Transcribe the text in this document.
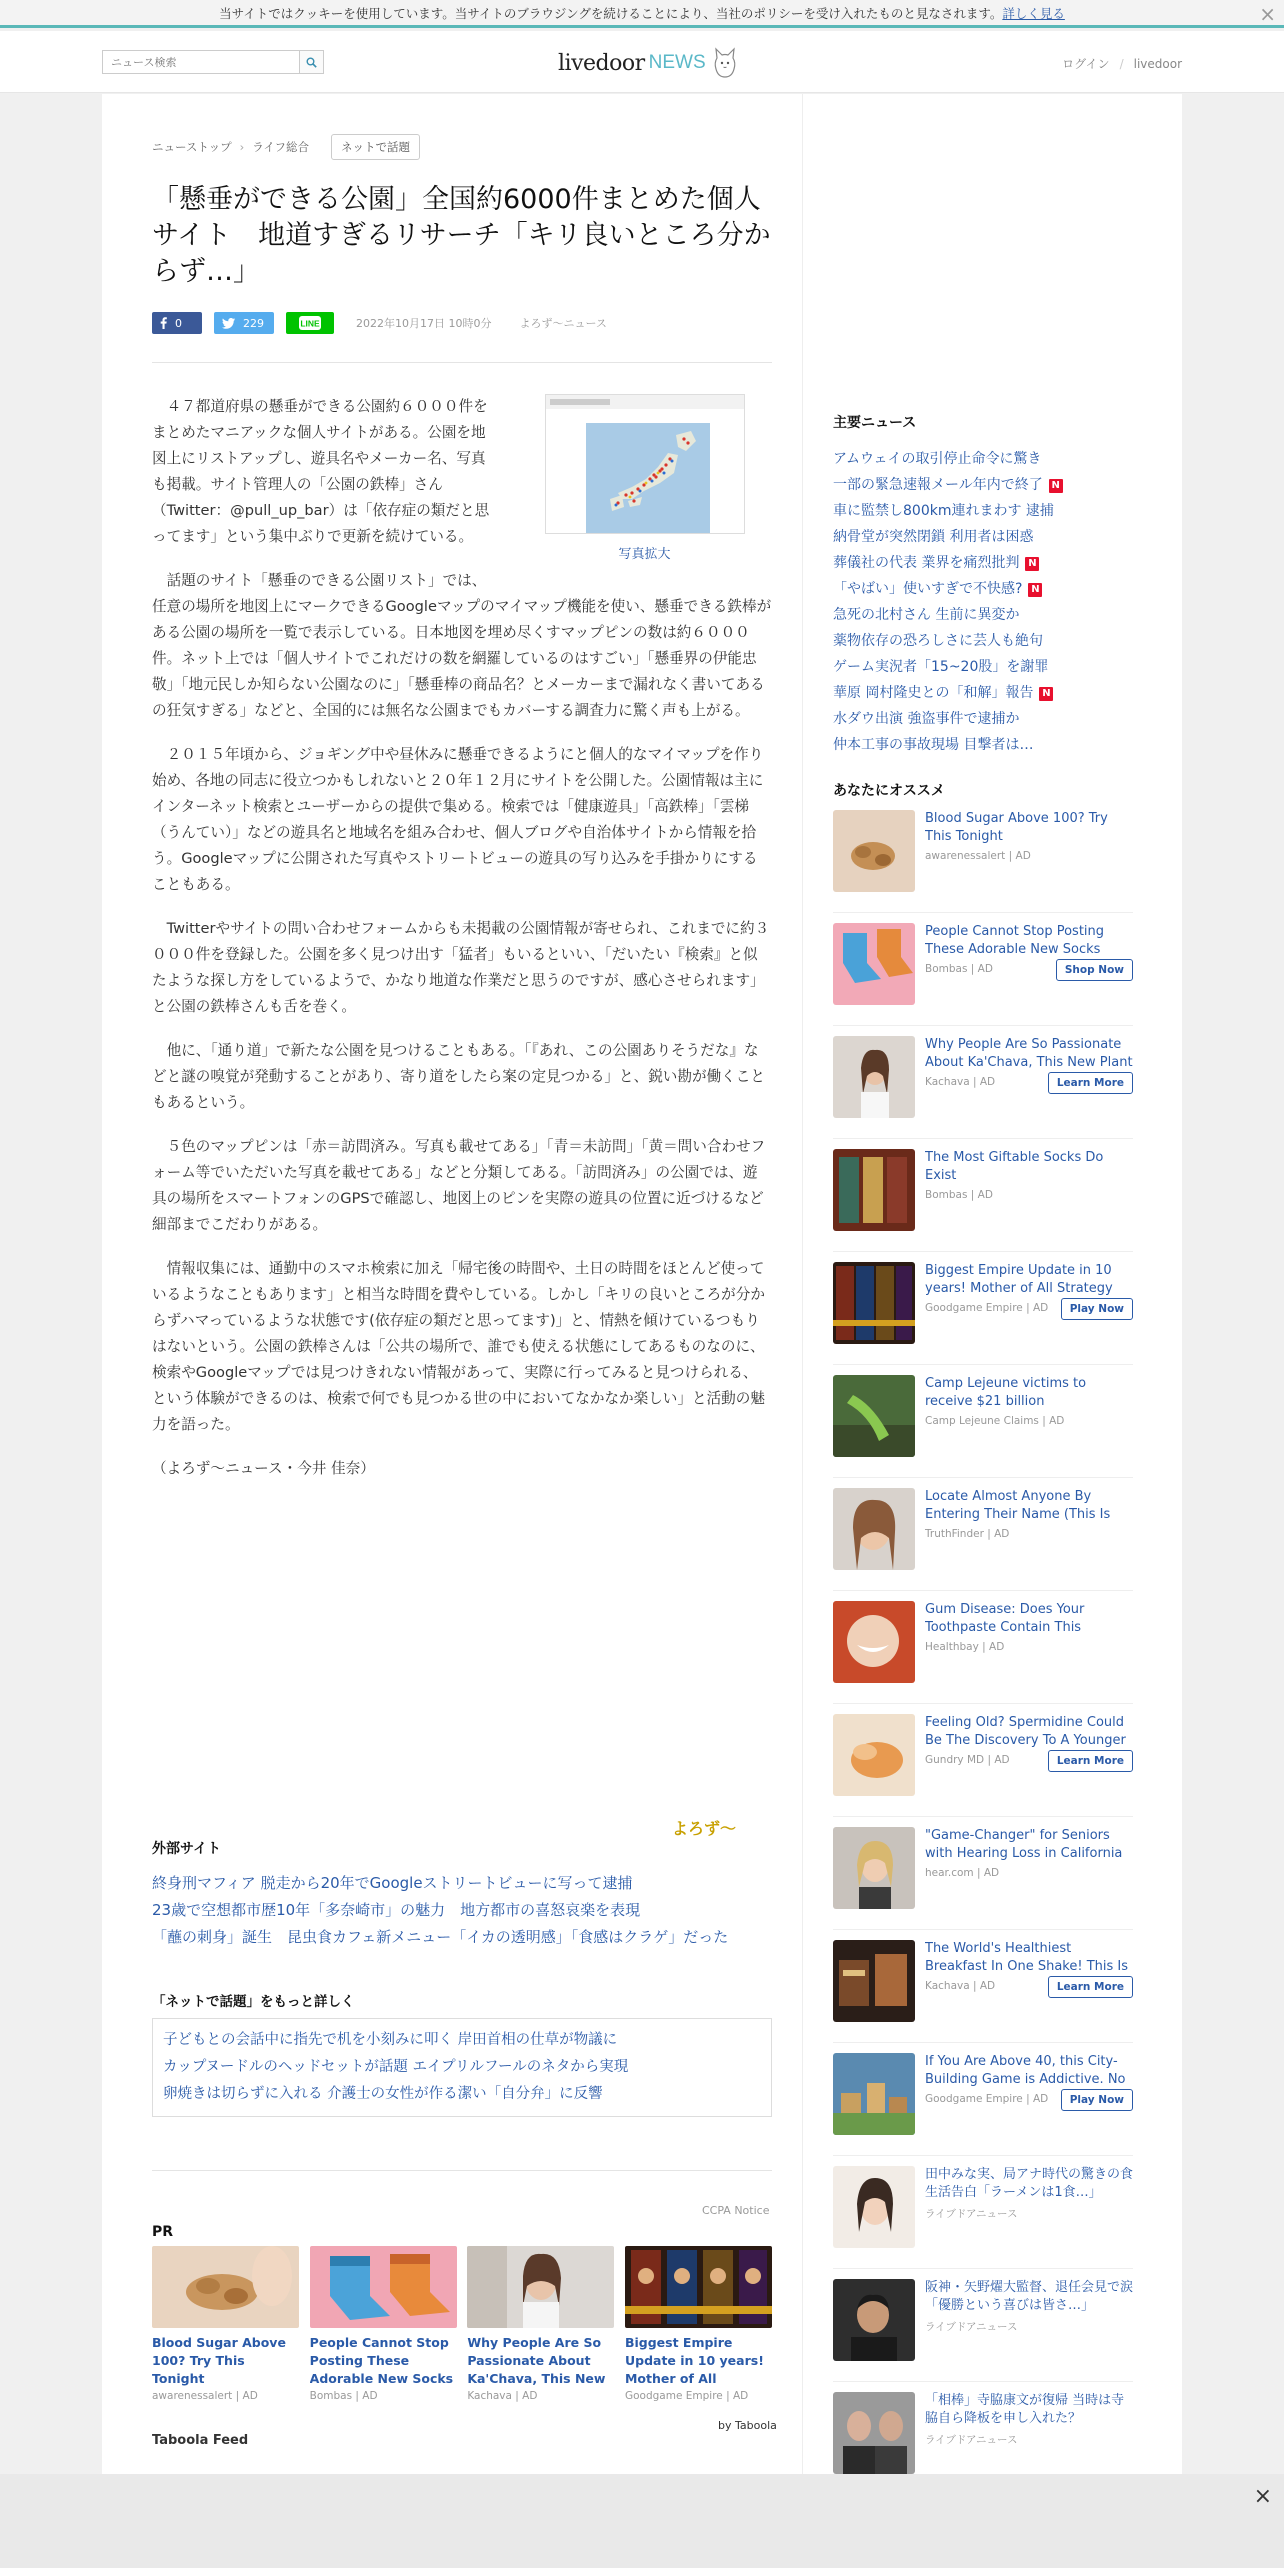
当サイトではクッキーを使用しています。当サイトのブラウジングを続けることにより、当社のポリシーを受け入れたものと見なされます。詳しく見る	×
ニュース検索
livedoor NEWS	ログイン / livedoor
ニューストップ › ライフ総合	ネットで話題
「懸垂ができる公園」全国約6000件まとめた個人サイト　地道すぎるリサーチ「キリ良いところ分からず…」
0	229	LINE	2022年10月17日 10時0分	よろず～ニュース
写真拡大

４７都道府県の懸垂ができる公園約６０００件をまとめたマニアックな個人サイトがある。公園を地図上にリストアップし、遊具名やメーカー名、写真も掲載。サイト管理人の「公園の鉄棒」さん（Twitter：@pull_up_bar）は「依存症の類だと思ってます」という集中ぶりで更新を続けている。

話題のサイト「懸垂のできる公園リスト」では、任意の場所を地図上にマークできるGoogleマップのマイマップ機能を使い、懸垂できる鉄棒がある公園の場所を一覧で表示している。日本地図を埋め尽くすマップピンの数は約６０００件。ネット上では「個人サイトでこれだけの数を網羅しているのはすごい」「懸垂界の伊能忠敬」「地元民しか知らない公園なのに」「懸垂棒の商品名？とメーカーまで漏れなく書いてあるの狂気すぎる」などと、全国的には無名な公園までもカバーする調査力に驚く声も上がる。

２０１５年頃から、ジョギング中や昼休みに懸垂できるようにと個人的なマイマップを作り始め、各地の同志に役立つかもしれないと２０年１２月にサイトを公開した。公園情報は主にインターネット検索とユーザーからの提供で集める。検索では「健康遊具」「高鉄棒」「雲梯（うんてい）」などの遊具名と地域名を組み合わせ、個人ブログや自治体サイトから情報を拾う。Googleマップに公開された写真やストリートビューの遊具の写り込みを手掛かりにすることもある。

Twitterやサイトの問い合わせフォームからも未掲載の公園情報が寄せられ、これまでに約３０００件を登録した。公園を多く見つけ出す「猛者」もいるといい、「だいたい『検索』と似たような探し方をしているようで、かなり地道な作業だと思うのですが、感心させられます」と公園の鉄棒さんも舌を巻く。

他に、「通り道」で新たな公園を見つけることもある。「『あれ、この公園ありそうだな』などと謎の嗅覚が発動することがあり、寄り道をしたら案の定見つかる」と、鋭い勘が働くこともあるという。

５色のマップピンは「赤＝訪問済み。写真も載せてある」「青＝未訪問」「黄＝問い合わせフォーム等でいただいた写真を載せてある」などと分類してある。「訪問済み」の公園では、遊具の場所をスマートフォンのGPSで確認し、地図上のピンを実際の遊具の位置に近づけるなど細部までこだわりがある。

情報収集には、通勤中のスマホ検索に加え「帰宅後の時間や、土日の時間をほとんど使っているようなこともあります」と相当な時間を費やしている。しかし「キリの良いところが分からずハマっているような状態です(依存症の類だと思ってます)」と、情熱を傾けているつもりはないという。公園の鉄棒さんは「公共の場所で、誰でも使える状態にしてあるものなのに、検索やGoogleマップでは見つけきれない情報があって、実際に行ってみると見つけられる、という体験ができるのは、検索で何でも見つかる世の中においてなかなか楽しい」と活動の魅力を語った。

（よろず～ニュース・今井 佳奈）

よろず～
外部サイト
終身刑マフィア 脱走から20年でGoogleストリートビューに写って逮捕
23歳で空想都市歴10年「多奈崎市」の魅力　地方都市の喜怒哀楽を表現
「蘸の刺身」誕生　昆虫食カフェ新メニュー「イカの透明感」「食感はクラゲ」だった
「ネットで話題」をもっと詳しく
子どもとの会話中に指先で机を小刻みに叩く 岸田首相の仕草が物議に
カップヌードルのヘッドセットが話題 エイプリルフールのネタから実現
卵焼きは切らずに入れる 介護士の女性が作る潔い「自分弁」に反響
CCPA Notice
PR
Blood Sugar Above 100? Try This Tonight
awarenessalert | AD
People Cannot Stop Posting These Adorable New Socks
Bombas | AD
Why People Are So Passionate About Ka'Chava, This New
Kachava | AD
Biggest Empire Update in 10 years! Mother of All
Goodgame Empire | AD
by Taboola
Taboola Feed
主要ニュース
アムウェイの取引停止命令に驚き
一部の緊急速報メール年内で終了 N
車に監禁し800km連れまわす 逮捕
納骨堂が突然閉鎖 利用者は困惑
葬儀社の代表 業界を痛烈批判 N
「やばい」使いすぎで不快感? N
急死の北村さん 生前に異変か
薬物依存の恐ろしさに芸人も絶句
ゲーム実況者「15~20股」を謝罪
華原 岡村隆史との「和解」報告 N
水ダウ出演 強盗事件で逮捕か
仲本工事の事故現場 目撃者は…
あなたにオススメ
Blood Sugar Above 100? Try This Tonight
awarenessalert | AD
People Cannot Stop Posting These Adorable New Socks
Bombas | AD	Shop Now
Why People Are So Passionate About Ka'Chava, This New Plant
Kachava | AD	Learn More
The Most Giftable Socks Do Exist
Bombas | AD
Biggest Empire Update in 10 years! Mother of All Strategy
Goodgame Empire | AD	Play Now
Camp Lejeune victims to receive $21 billion
Camp Lejeune Claims | AD
Locate Almost Anyone By Entering Their Name (This Is
TruthFinder | AD
Gum Disease: Does Your Toothpaste Contain This
Healthbay | AD
Feeling Old? Spermidine Could Be The Discovery To A Younger
Gundry MD | AD	Learn More
"Game-Changer" for Seniors with Hearing Loss in California
hear.com | AD
The World's Healthiest Breakfast In One Shake! This Is
Kachava | AD	Learn More
If You Are Above 40, this City-Building Game is Addictive. No
Goodgame Empire | AD	Play Now
田中みな実、局アナ時代の驚きの食生活告白「ラーメンは1食…」
ライブドアニュース
阪神・矢野燿大監督、退任会見で涙「優勝という喜びは皆さ…」
ライブドアニュース
「相棒」寺脇康文が復帰 当時は寺脇自ら降板を申し入れた？
ライブドアニュース
×
